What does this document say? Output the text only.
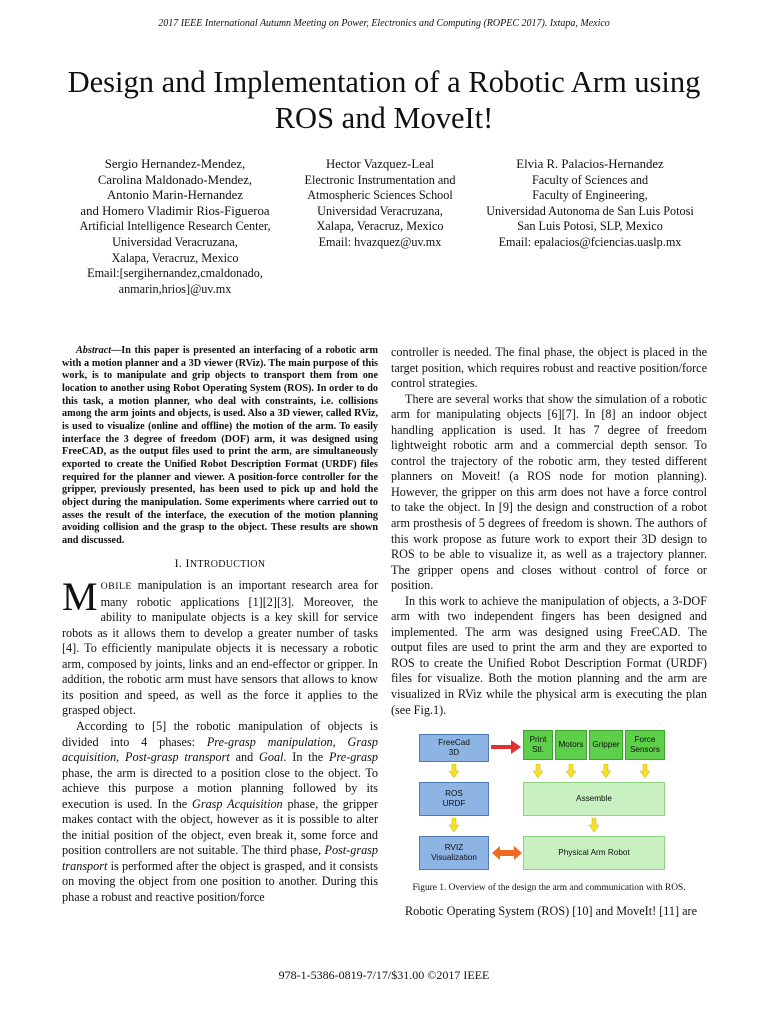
2017 IEEE International Autumn Meeting on Power, Electronics and Computing (ROPEC 2017). Ixtapa, Mexico
Design and Implementation of a Robotic Arm using
ROS and MoveIt!
Sergio Hernandez-Mendez,
Carolina Maldonado-Mendez,
Antonio Marin-Hernandez
and Homero Vladimir Rios-Figueroa
Artificial Intelligence Research Center,
Universidad Veracruzana,
Xalapa, Veracruz, Mexico
Email:[sergihernandez,cmaldonado,
anmarin,hrios]@uv.mx
Hector Vazquez-Leal
Electronic Instrumentation and
Atmospheric Sciences School
Universidad Veracruzana,
Xalapa, Veracruz, Mexico
Email: hvazquez@uv.mx
Elvia R. Palacios-Hernandez
Faculty of Sciences and
Faculty of Engineering,
Universidad Autonoma de San Luis Potosi
San Luis Potosi, SLP, Mexico
Email: epalacios@fciencias.uaslp.mx

Abstract—In this paper is presented an interfacing of a robotic arm with a motion planner and a 3D viewer (RViz). The main purpose of this work, is to manipulate and grip objects to transport them from one location to another using Robot Operating System (ROS). In order to do this task, a motion planner, who deal with constraints, i.e. collisions among the arm joints and objects, is used. Also a 3D viewer, called RViz, is used to visualize (online and offline) the motion of the arm. To easily interface the 3 degree of freedom (DOF) arm, it was designed using FreeCAD, as the output files used to print the arm, are simultaneously exported to create the Unified Robot Description Format (URDF) files required for the planner and viewer. A position-force controller for the gripper, previously presented, has been used to pick up and hold the object during the manipulation. Some experiments where carried out to asses the result of the interface, the execution of the motion planning avoiding collision and the grasp to the object. These results are shown and discussed.

I. INTRODUCTION

MOBILE manipulation is an important research area for many robotic applications [1][2][3]. Moreover, the ability to manipulate objects is a key skill for service robots as it allows them to develop a greater number of tasks [4]. To efficiently manipulate objects it is necessary a robotic arm, composed by joints, links and an end-effector or gripper. In addition, the robotic arm must have sensors that allows to know its position and speed, as well as the force it applies to the grasped object.

According to [5] the robotic manipulation of objects is divided into 4 phases: Pre-grasp manipulation, Grasp acquisition, Post-grasp transport and Goal. In the Pre-grasp phase, the arm is directed to a position close to the object. To achieve this purpose a motion planning followed by its execution is used. In the Grasp Acquisition phase, the gripper makes contact with the object, however as it is possible to alter the initial position of the object, even break it, some force and position controllers are not suitable. The third phase, Post-grasp transport is performed after the object is grasped, and it consists on moving the object from one position to another. During this phase a robust and reactive position/force

controller is needed. The final phase, the object is placed in the target position, which requires robust and reactive position/force control strategies.

There are several works that show the simulation of a robotic arm for manipulating objects [6][7]. In [8] an indoor object handling application is used. It has 7 degree of freedom lightweight robotic arm and a commercial depth sensor. To control the trajectory of the robotic arm, they tested different planners on Moveit! (a ROS node for motion planning). However, the gripper on this arm does not have a force control to take the object. In [9] the design and construction of a robot arm prosthesis of 5 degrees of freedom is shown. The authors of this work propose as future work to export their 3D design to ROS to be able to visualize it, as well as a trajectory planner. The gripper opens and closes without control of force or position.

In this work to achieve the manipulation of objects, a 3-DOF arm with two independent fingers has been designed and implemented. The arm was designed using FreeCAD. The output files are used to print the arm and they are exported to ROS to create the Unified Robot Description Format (URDF) files for visualize. Both the motion planning and the arm are visualized in RViz while the physical arm is executing the plan (see Fig.1).

FreeCad
3D
Print
Stl.
Motors	Gripper
Force
Sensors
ROS
URDF
Assemble
RVIZ
Visualization
Physical Arm Robot

Figure 1. Overview of the design the arm and communication with ROS.

Robotic Operating System (ROS) [10] and MoveIt! [11] are

978-1-5386-0819-7/17/$31.00 ©2017 IEEE
